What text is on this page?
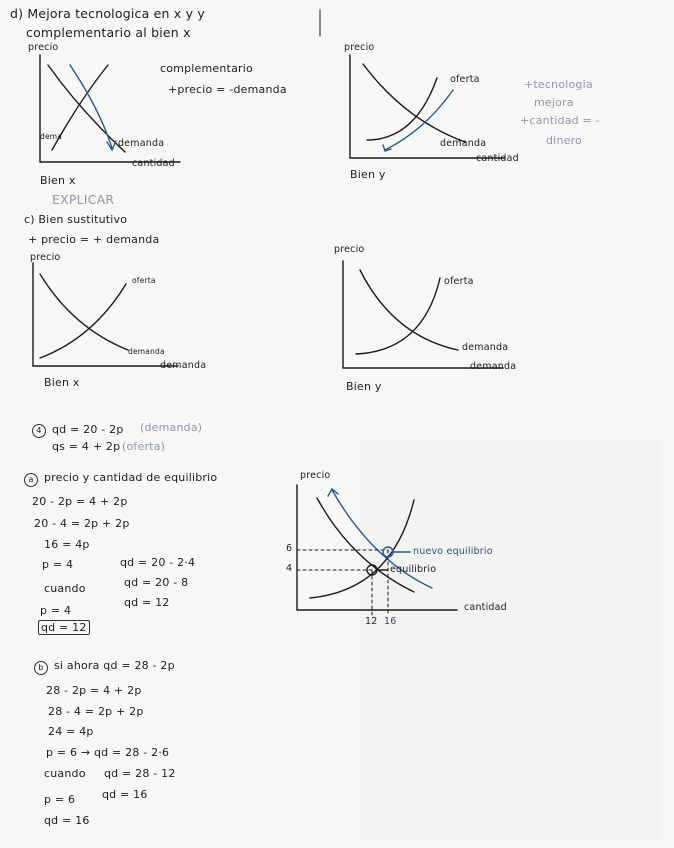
d) Mejora tecnologica en x y y
complementario al bien x
precio
dema
demanda
cantidad
Bien x
complementario
+precio = -demanda
precio
oferta
demanda
cantidad
Bien y
+tecnologia
mejora
+cantidad = -
dinero
EXPLICAR
c) Bien sustitutivo
+ precio = + demanda
precio
oferta
demanda
demanda
Bien x
precio
oferta
demanda
demanda
Bien y
4 qd = 20 - 2p (demanda)
qs = 4 + 2p (oferta)
a precio y cantidad de equilibrio
20 - 2p = 4 + 2p
20 - 4 = 2p + 2p
16 = 4p
p = 4	qd = 20 - 2·4
cuando	qd = 20 - 8
qd = 12
p = 4
qd = 12
precio
cantidad
6
4
12 16
nuevo equilibrio
equilibrio
b si ahora qd = 28 - 2p
28 - 2p = 4 + 2p
28 - 4 = 2p + 2p
24 = 4p
p = 6 → qd = 28 - 2·6
cuando qd = 28 - 12
qd = 16
p = 6
qd = 16
